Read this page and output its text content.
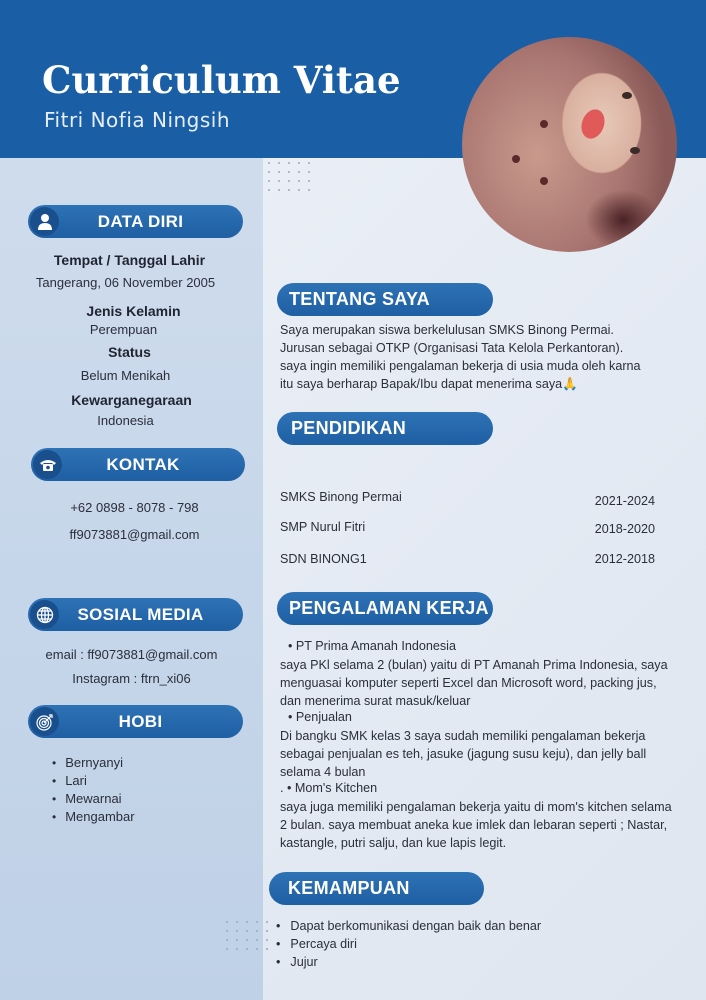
Curriculum Vitae
Fitri Nofia Ningsih
DATA DIRI
Tempat / Tanggal Lahir
Tangerang, 06 November 2005
Jenis Kelamin
Perempuan
Status
Belum Menikah
Kewarganegaraan
Indonesia
KONTAK
+62 0898 - 8078 - 798
ff9073881@gmail.com
SOSIAL MEDIA
email : ff9073881@gmail.com
Instagram : ftrn_xi06
HOBI
• Bernyanyi
• Lari
• Mewarnai
• Mengambar
TENTANG SAYA
Saya merupakan siswa berkelulusan SMKS Binong Permai.
Jurusan sebagai OTKP (Organisasi Tata Kelola Perkantoran).
saya ingin memiliki pengalaman bekerja di usia muda oleh karna
itu saya berharap Bapak/Ibu dapat menerima saya🙏
PENDIDIKAN
SMKS Binong Permai	2021-2024
SMP Nurul Fitri	2018-2020
SDN BINONG1	2012-2018
PENGALAMAN KERJA
• PT Prima Amanah Indonesia
saya PKl selama 2 (bulan) yaitu di PT Amanah Prima Indonesia, saya
menguasai komputer seperti Excel dan Microsoft word, packing jus,
dan menerima surat masuk/keluar
• Penjualan
Di bangku SMK kelas 3 saya sudah memiliki pengalaman bekerja
sebagai penjualan es teh, jasuke (jagung susu keju), dan jelly ball
selama 4 bulan
. • Mom's Kitchen
saya juga memiliki pengalaman bekerja yaitu di mom's kitchen selama
2 bulan. saya membuat aneka kue imlek dan lebaran seperti ; Nastar,
kastangle, putri salju, dan kue lapis legit.
KEMAMPUAN
• Dapat berkomunikasi dengan baik dan benar
• Percaya diri
• Jujur
